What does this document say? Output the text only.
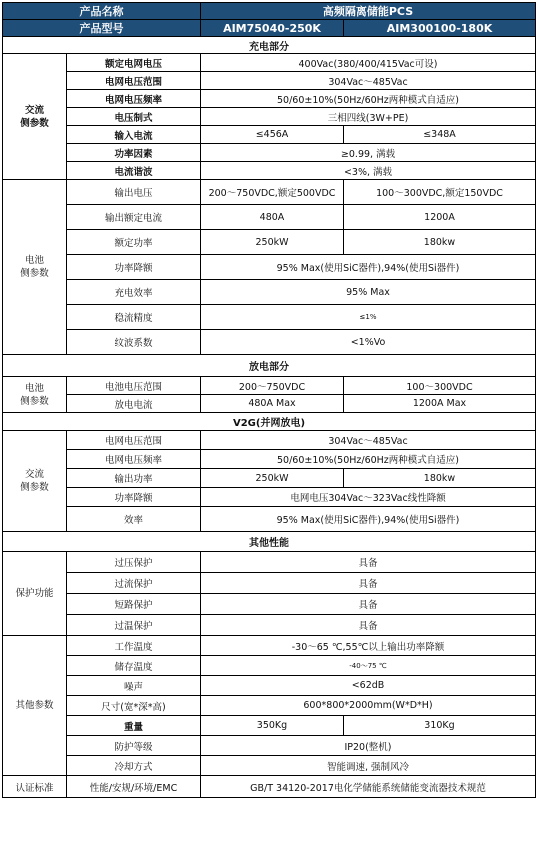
产品名称		高频隔离储能PCS	
产品型号		AIM75040-250K	AIM300100-180K
充电部分			
交流
侧参数	额定电网电压	400Vac(380/400/415Vac可设)	
	电网电压范围	304Vac～485Vac	
	电网电压频率	50/60±10%(50Hz/60Hz两种模式自适应)	
	电压制式	三相四线(3W+PE)	
	输入电流	≤456A	≤348A
	功率因素	≥0.99, 满载	
	电流谐波	<3%, 满载	
电池
侧参数	输出电压	200～750VDC,额定500VDC	100～300VDC,额定150VDC
	输出额定电流	480A	1200A
	额定功率	250kW	180kw
	功率降额	95% Max(使用SiC器件),94%(使用Si器件)	
	充电效率	95% Max	
	稳流精度	≤1%	
	纹波系数	<1%Vo	
放电部分			
电池
侧参数	电池电压范围	200～750VDC	100～300VDC
	放电电流	480A Max	1200A Max
V2G(并网放电)			
交流
侧参数	电网电压范围	304Vac～485Vac	
	电网电压频率	50/60±10%(50Hz/60Hz两种模式自适应)	
	输出功率	250kW	180kw
	功率降额	电网电压304Vac～323Vac线性降额	
	效率	95% Max(使用SiC器件),94%(使用Si器件)	
其他性能			
保护功能	过压保护	具备	
	过流保护	具备	
	短路保护	具备	
	过温保护	具备	
其他参数	工作温度	-30～65 ℃,55℃以上输出功率降额	
	储存温度	-40～75 ℃	
	噪声	<62dB	
	尺寸(宽*深*高)	600*800*2000mm(W*D*H)	
	重量	350Kg	310Kg
	防护等级	IP20(整机)	
	冷却方式	智能调速, 强制风冷	
认证标准	性能/安规/环境/EMC	GB/T 34120-2017电化学储能系统储能变流器技术规范	
